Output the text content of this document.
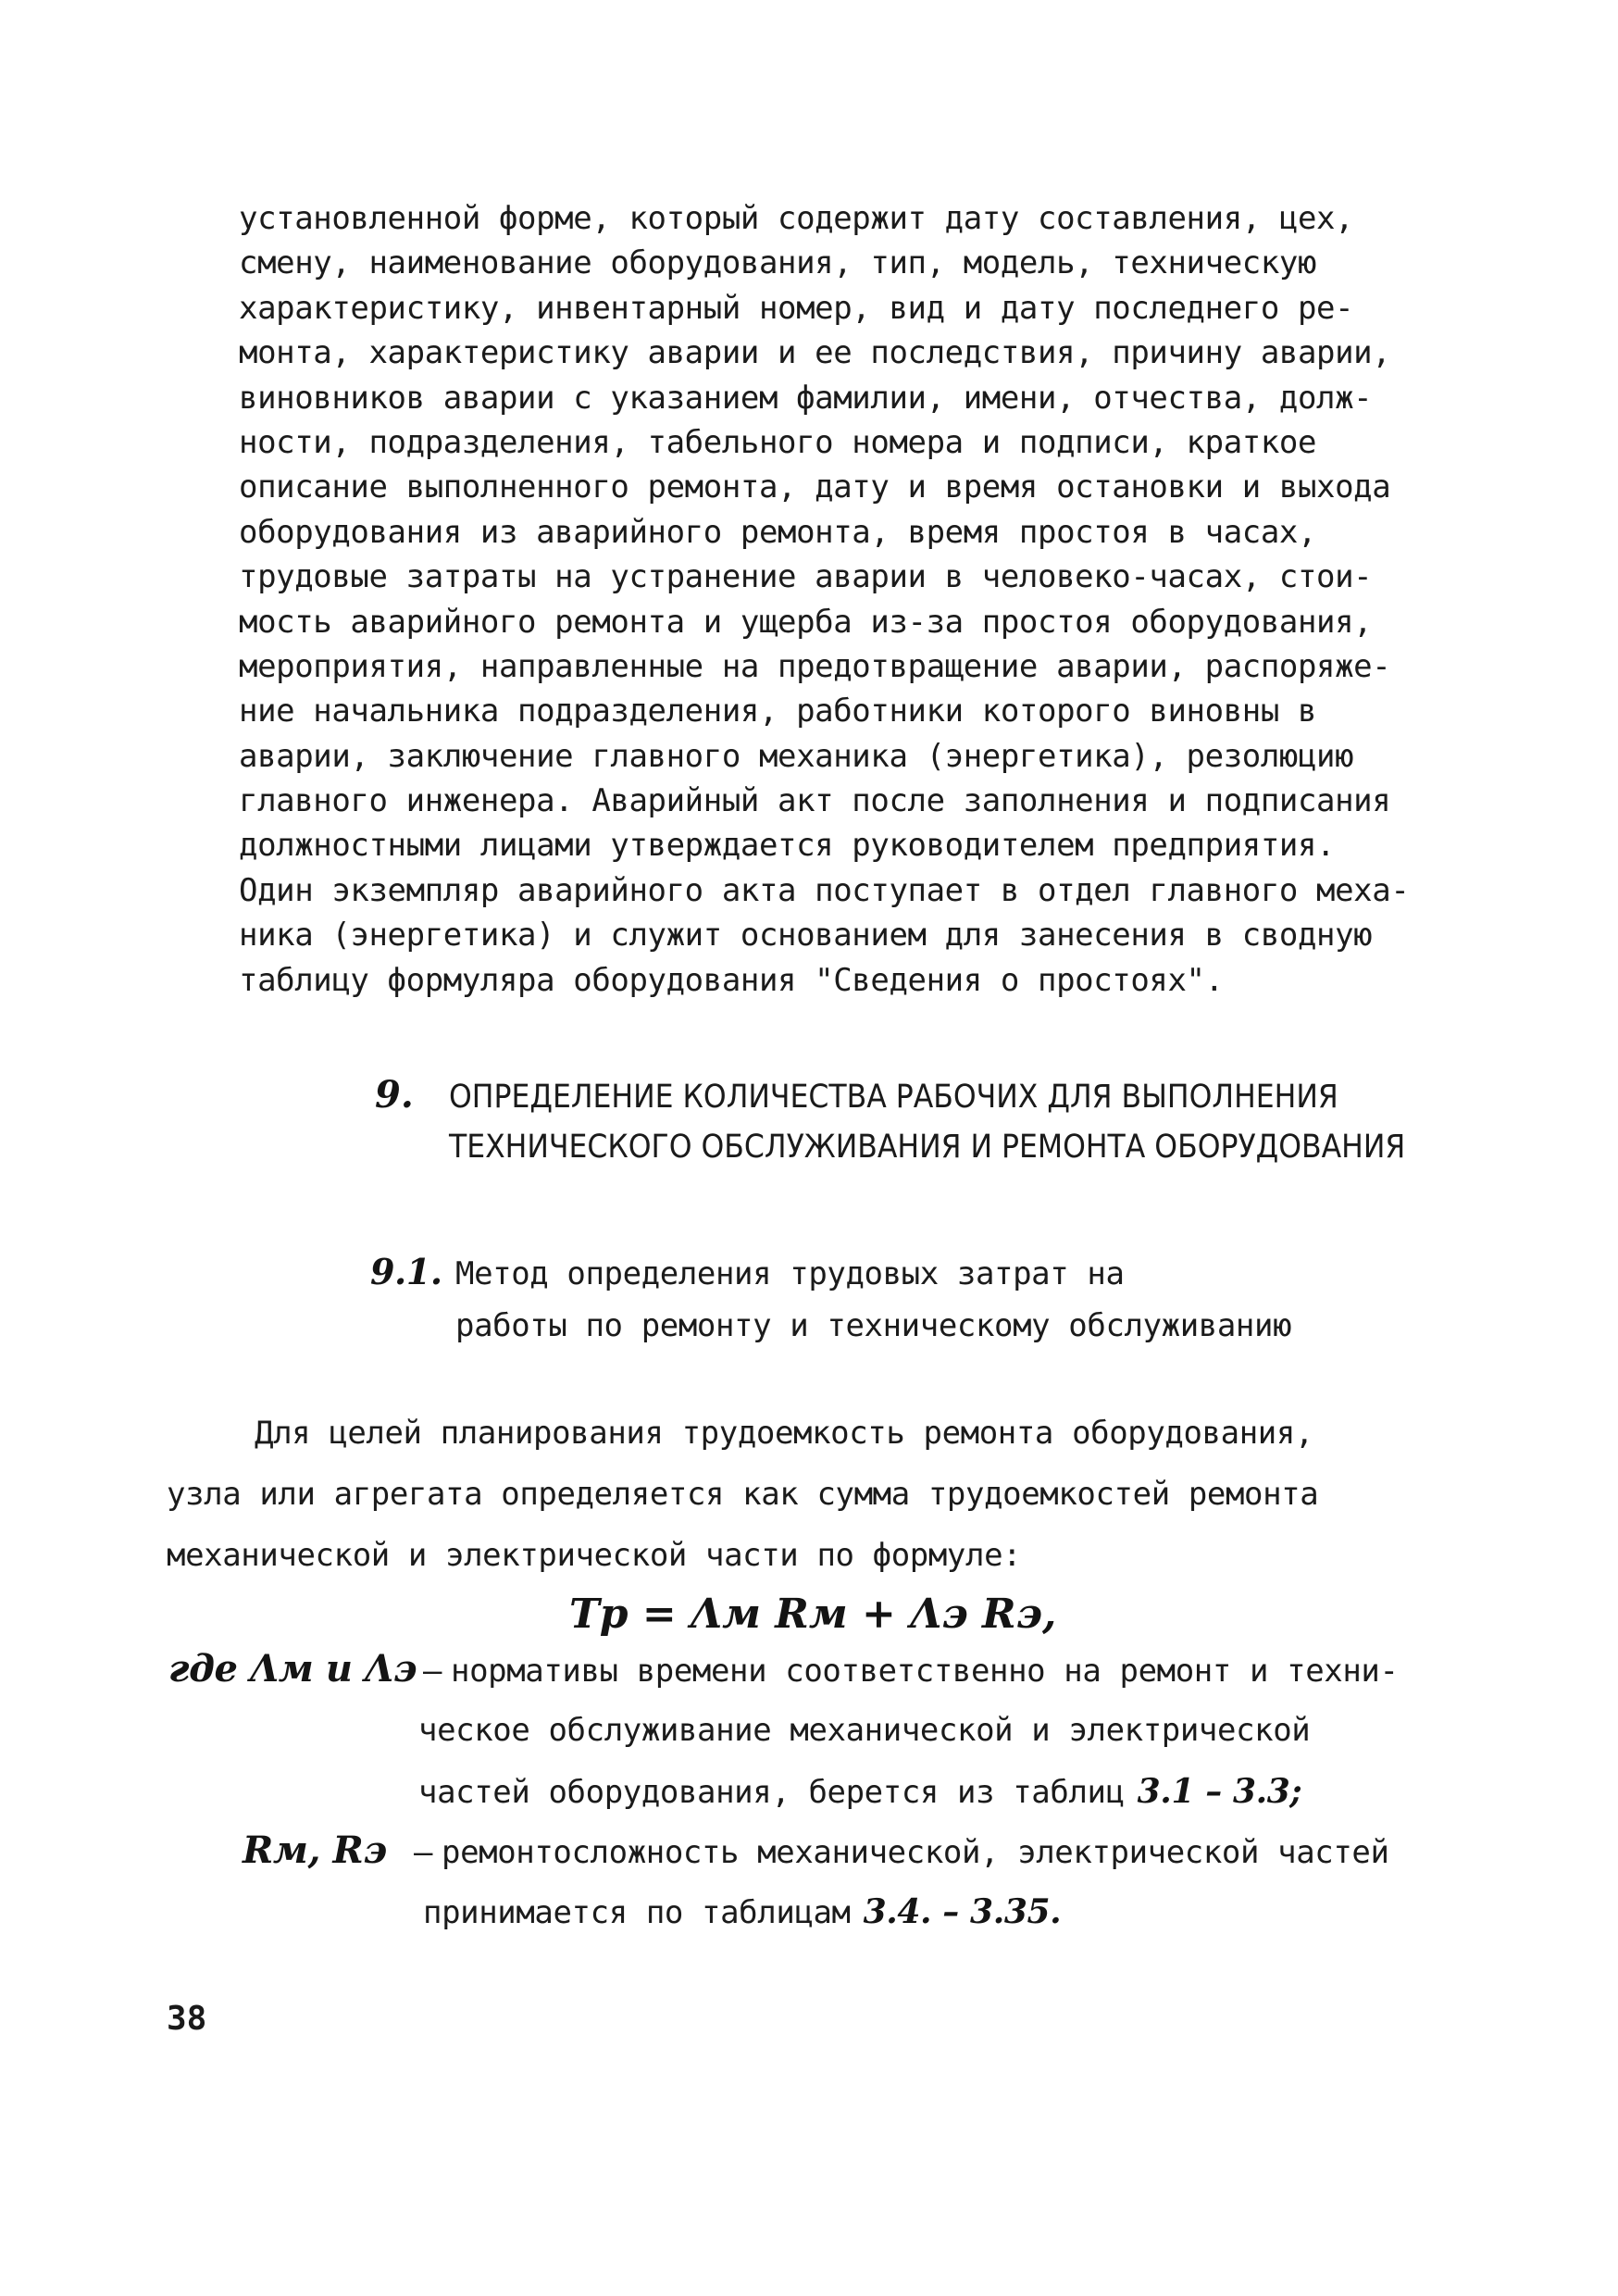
установленной форме, который содержит дату составления, цех,
смену, наименование оборудования, тип, модель, техническую
характеристику, инвентарный номер, вид и дату последнего ре-
монта, характеристику аварии и ее последствия, причину аварии,
виновников аварии с указанием фамилии, имени, отчества, долж-
ности, подразделения, табельного номера и подписи, краткое
описание выполненного ремонта, дату и время остановки и выхода
оборудования из аварийного ремонта, время простоя в часах,
трудовые затраты на устранение аварии в человеко-часах, стои-
мость аварийного ремонта и ущерба из-за простоя оборудования,
мероприятия, направленные на предотвращение аварии, распоряже-
ние начальника подразделения, работники которого виновны в
аварии, заключение главного механика (энергетика), резолюцию
главного инженера. Аварийный акт после заполнения и подписания
должностными лицами утверждается руководителем предприятия.
Один экземпляр аварийного акта поступает в отдел главного меха-
ника (энергетика) и служит основанием для занесения в сводную
таблицу формуляра оборудования "Сведения о простоях".
9. ОПРЕДЕЛЕНИЕ КОЛИЧЕСТВА РАБОЧИХ ДЛЯ ВЫПОЛНЕНИЯ
ТЕХНИЧЕСКОГО ОБСЛУЖИВАНИЯ И РЕМОНТА ОБОРУДОВАНИЯ
9.1. Метод определения трудовых затрат на
работы по ремонту и техническому обслуживанию
Для целей планирования трудоемкость ремонта оборудования,
узла или агрегата определяется как сумма трудоемкостей ремонта
механической и электрической части по формуле:
Tр = Λм Rм + Λэ Rэ,
где Λм и Λэ – нормативы времени соответственно на ремонт и техни-
ческое обслуживание механической и электрической
частей оборудования, берется из таблиц 3.1 – 3.3;
Rм, Rэ – ремонтосложность механической, электрической частей
принимается по таблицам 3.4. – 3.35.
38
